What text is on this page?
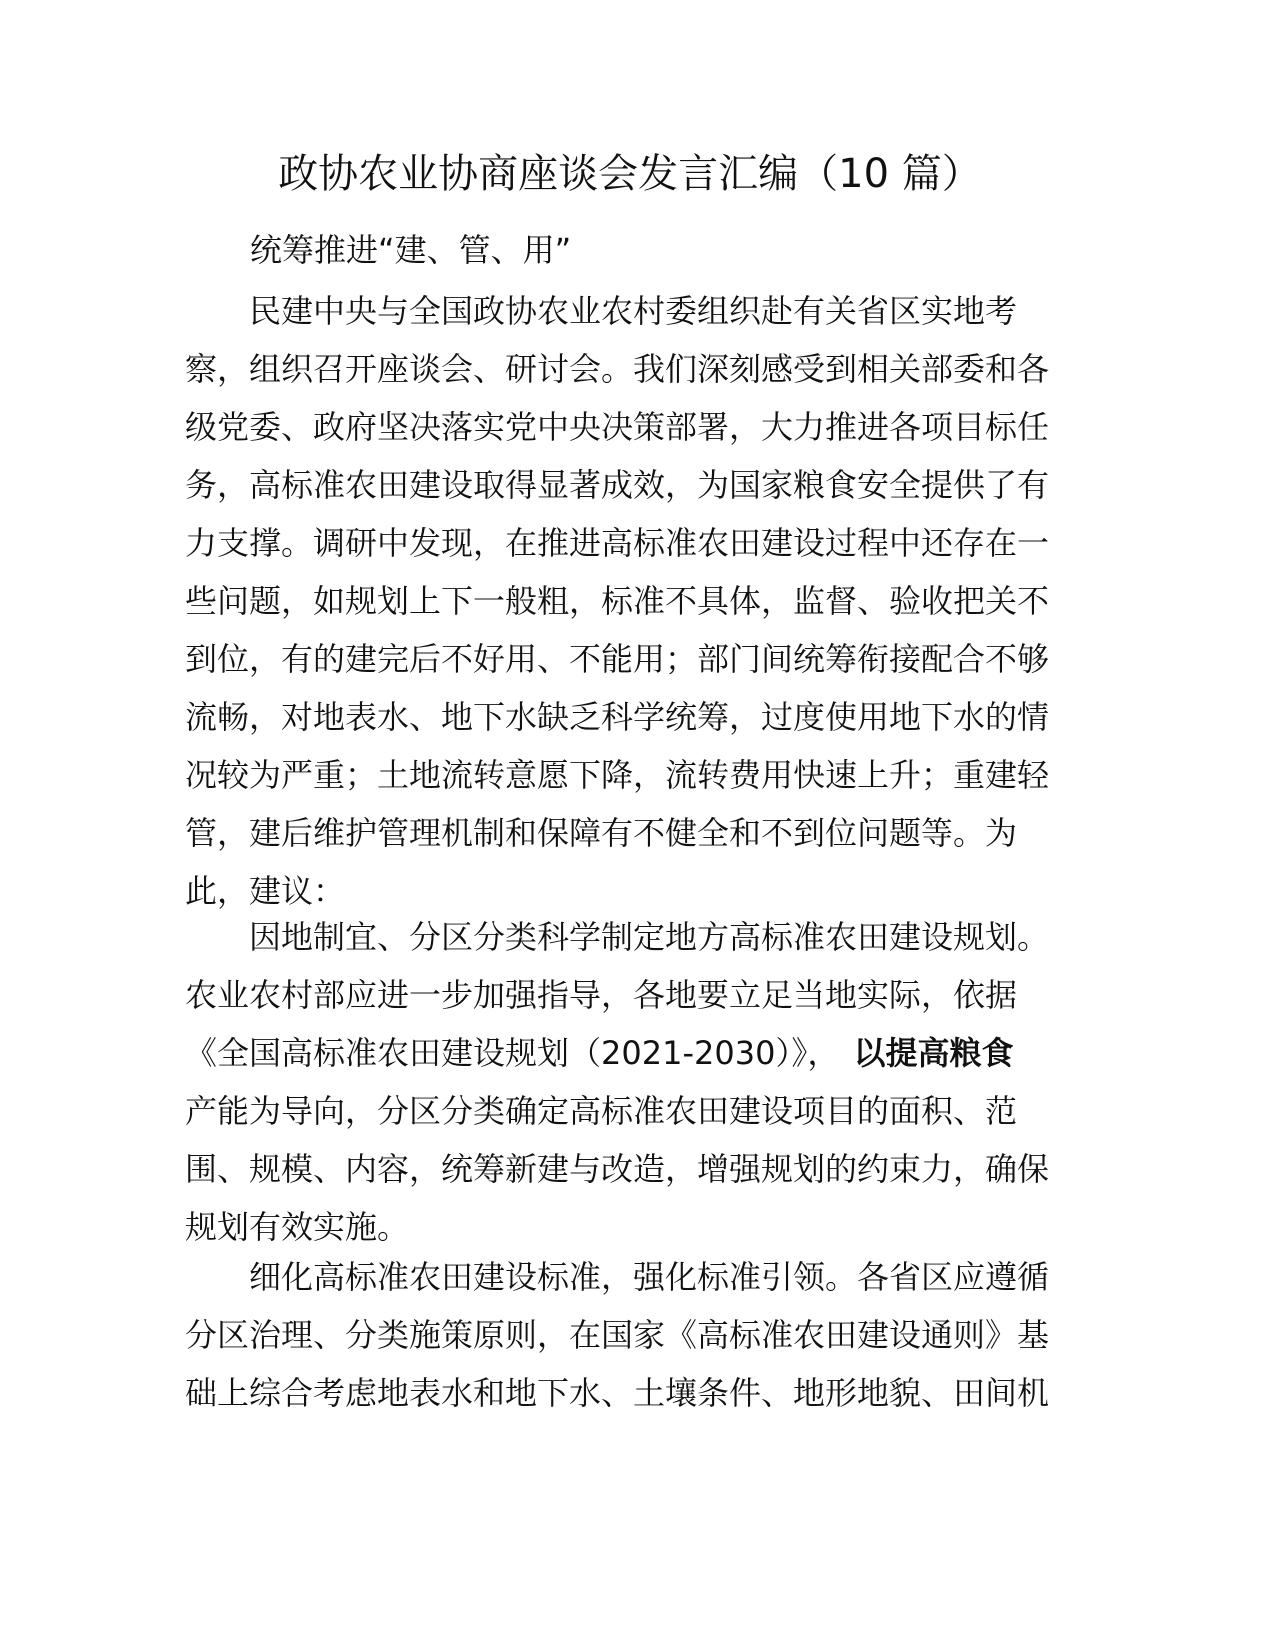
政协农业协商座谈会发言汇编（10 篇）

统筹推进“建、管、用”

民建中央与全国政协农业农村委组织赴有关省区实地考
察，组织召开座谈会、研讨会。我们深刻感受到相关部委和各
级党委、政府坚决落实党中央决策部署，大力推进各项目标任
务，高标准农田建设取得显著成效，为国家粮食安全提供了有
力支撑。调研中发现，在推进高标准农田建设过程中还存在一
些问题，如规划上下一般粗，标准不具体，监督、验收把关不
到位，有的建完后不好用、不能用；部门间统筹衔接配合不够
流畅，对地表水、地下水缺乏科学统筹，过度使用地下水的情
况较为严重；土地流转意愿下降，流转费用快速上升；重建轻
管，建后维护管理机制和保障有不健全和不到位问题等。为
此，建议：
因地制宜、分区分类科学制定地方高标准农田建设规划。
农业农村部应进一步加强指导，各地要立足当地实际，依据
《全国高标准农田建设规划（2021-2030）》， 以提高粮食
产能为导向，分区分类确定高标准农田建设项目的面积、范
围、规模、内容，统筹新建与改造，增强规划的约束力，确保
规划有效实施。
细化高标准农田建设标准，强化标准引领。各省区应遵循
分区治理、分类施策原则，在国家《高标准农田建设通则》基
础上综合考虑地表水和地下水、土壤条件、地形地貌、田间机
